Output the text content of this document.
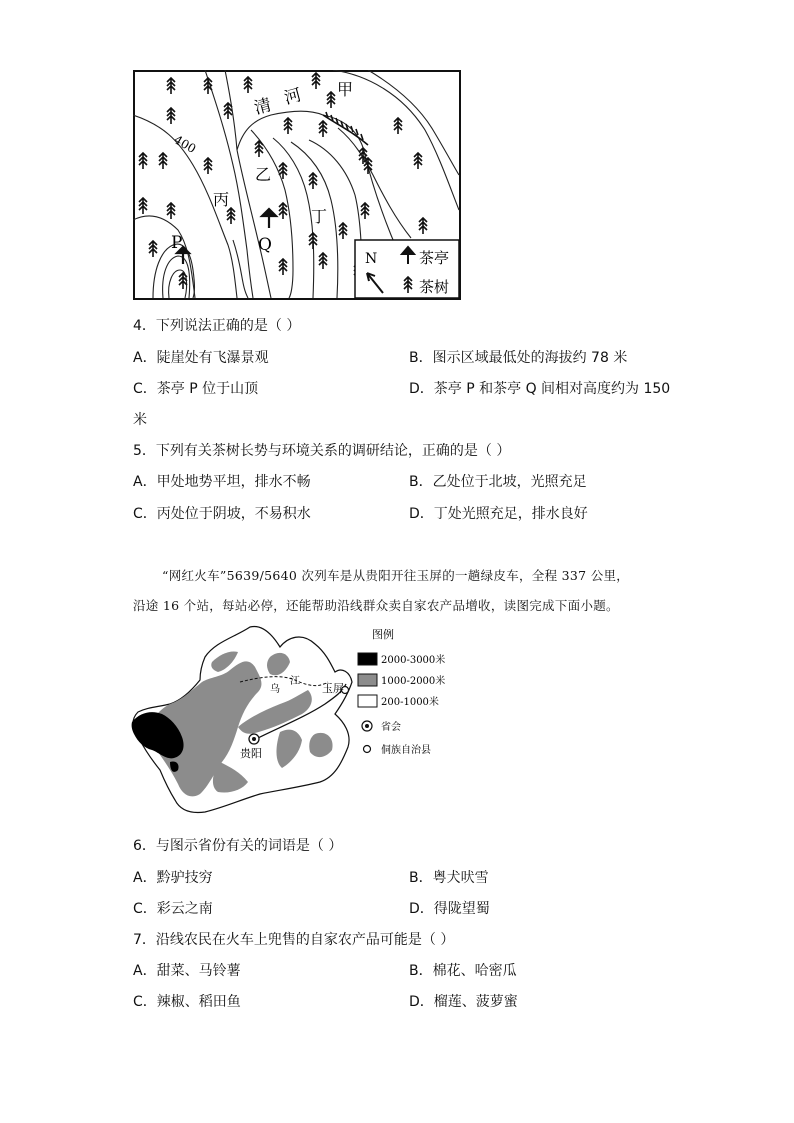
清 河 甲
乙
丙
丁
P	Q
400
N	茶亭
茶树
4．下列说法正确的是（ ）
A．陡崖处有飞瀑景观	B．图示区域最低处的海拔约 78 米
C．茶亭 P 位于山顶	D．茶亭 P 和茶亭 Q 间相对高度约为 150
米
5．下列有关茶树长势与环境关系的调研结论，正确的是（ ）
A．甲处地势平坦，排水不畅	B．乙处位于北坡，光照充足
C．丙处位于阴坡，不易积水	D．丁处光照充足，排水良好
“网红火车”5639/5640 次列车是从贵阳开往玉屏的一趟绿皮车，全程 337 公里，
沿途 16 个站，每站必停，还能帮助沿线群众卖自家农产品增收，读图完成下面小题。
乌
江
贵阳
玉屏
图例
2000-3000米
1000-2000米
200-1000米
省会
侗族自治县
6．与图示省份有关的词语是（ ）
A．黔驴技穷	B．粤犬吠雪
C．彩云之南	D．得陇望蜀
7．沿线农民在火车上兜售的自家农产品可能是（ ）
A．甜菜、马铃薯	B．棉花、哈密瓜
C．辣椒、稻田鱼	D．榴莲、菠萝蜜
